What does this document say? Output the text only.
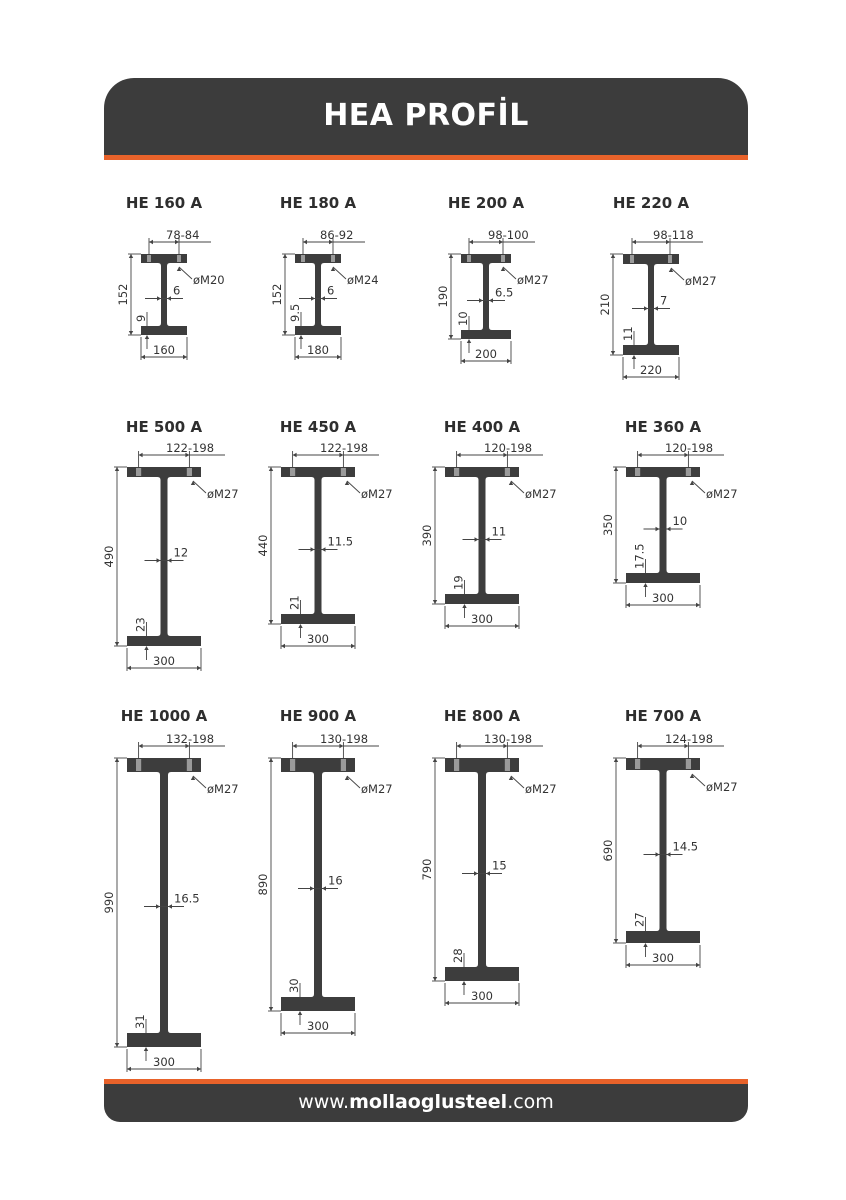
HEA PROFİL
HE 160 A
78-84
øM20
152	6
9
160
HE 180 A
86-92
øM24
152	6
9.5
180
HE 200 A
98-100
øM27
190	6.5
10
200
HE 220 A
98-118
øM27
210	7
11
220
HE 500 A
122-198
øM27
490	12
23
300
HE 450 A
122-198
øM27
440	11.5
21
300
HE 400 A
120-198
øM27
390	11
19
300
HE 360 A
120-198
øM27
350	10
17.5
300
HE 1000 A
132-198
øM27
990	16.5
31
300
HE 900 A
130-198
øM27
890	16
30
300
HE 800 A
130-198
øM27
790	15
28
300
HE 700 A
124-198
øM27
690	14.5
27
300
www.mollaoglusteel.com
